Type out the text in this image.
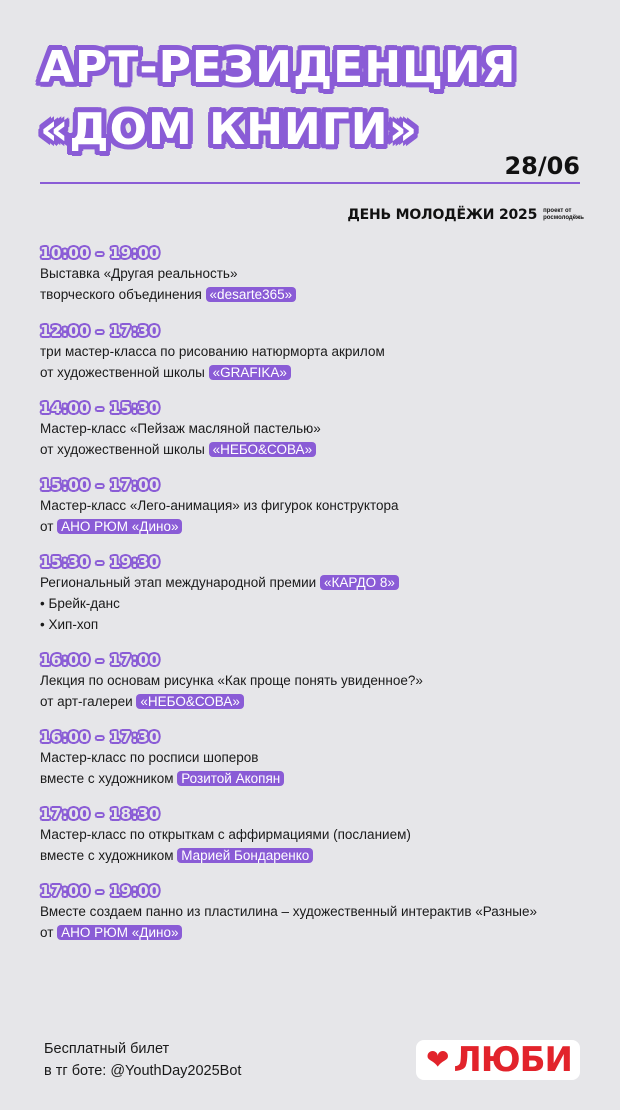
АРТ-РЕЗИДЕНЦИЯ
«ДОМ КНИГИ»
28/06
ДЕНЬ МОЛОДЁЖИ 2025 проект от
росмолодёжь
10:00 – 19:00
Выставка «Другая реальность»
творческого объединения «desarte365»
12:00 – 17:30
три мастер-класса по рисованию натюрморта акрилом
от художественной школы «GRAFIKA»
14:00 – 15:30
Мастер-класс «Пейзаж масляной пастелью»
от художественной школы «НЕБО&СОВА»
15:00 – 17:00
Мастер-класс «Лего-анимация» из фигурок конструктора
от АНО РЮМ «Дино»
15:30 – 19:30
Региональный этап международной премии «КАРДО 8»
• Брейк-данс
• Хип-хоп
16:00 – 17:00
Лекция по основам рисунка «Как проще понять увиденное?»
от арт-галереи «НЕБО&СОВА»
16:00 – 17:30
Мастер-класс по росписи шоперов
вместе с художником Розитой Акопян
17:00 – 18:30
Мастер-класс по открыткам с аффирмациями (посланием)
вместе с художником Марией Бондаренко
17:00 – 19:00
Вместе создаем панно из пластилина – художественный интерактив «Разные»
от АНО РЮМ «Дино»
Бесплатный билет
в тг боте: @YouthDay2025Bot	❤ ЛЮБИ
